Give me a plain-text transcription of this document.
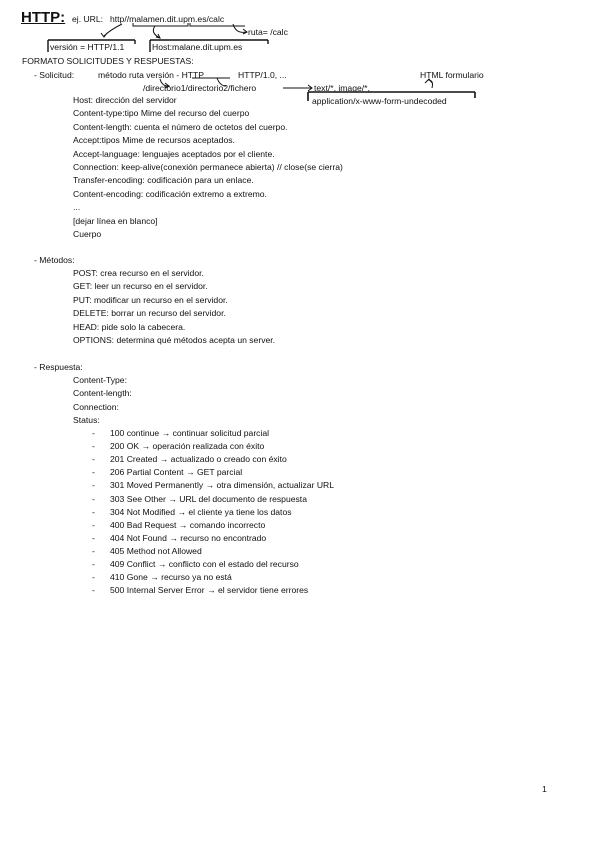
HTTP: ej. URL: http//malamen.dit.upm.es/calc
ruta= /calc
versión = HTTP/1.1	Host:malane.dit.upm.es
FORMATO SOLICITUDES Y RESPUESTAS:
- Solicitud:	método ruta versión - HTTP	HTTP/1.0, ...	HTML formulario
/directorio1/directorio2/fichero	text/*, image/*,
application/x-www-form-undecoded
Host: dirección del servidor
Content-type:tipo Mime del recurso del cuerpo
Content-length: cuenta el número de octetos del cuerpo.
Accept:tipos Mime de recursos aceptados.
Accept-language: lenguajes aceptados por el cliente.
Connection: keep-alive(conexión permanece abierta) // close(se cierra)
Transfer-encoding: codificación para un enlace.
Content-encoding: codificación extremo a extremo.
...
[dejar línea en blanco]
Cuerpo
- Métodos:
POST: crea recurso en el servidor.
GET: leer un recurso en el servidor.
PUT: modificar un recurso en el servidor.
DELETE: borrar un recurso del servidor.
HEAD: pide solo la cabecera.
OPTIONS: determina qué métodos acepta un server.
- Respuesta:
Content-Type:
Content-length:
Connection:
Status:
- 100 continue → continuar solicitud parcial
- 200 OK → operación realizada con éxito
- 201 Created → actualizado o creado con éxito
- 206 Partial Content → GET parcial
- 301 Moved Permanently → otra dimensión, actualizar URL
- 303 See Other → URL del documento de respuesta
- 304 Not Modified → el cliente ya tiene los datos
- 400 Bad Request → comando incorrecto
- 404 Not Found → recurso no encontrado
- 405 Method not Allowed
- 409 Conflict → conflicto con el estado del recurso
- 410 Gone → recurso ya no está
- 500 Internal Server Error → el servidor tiene errores
1
